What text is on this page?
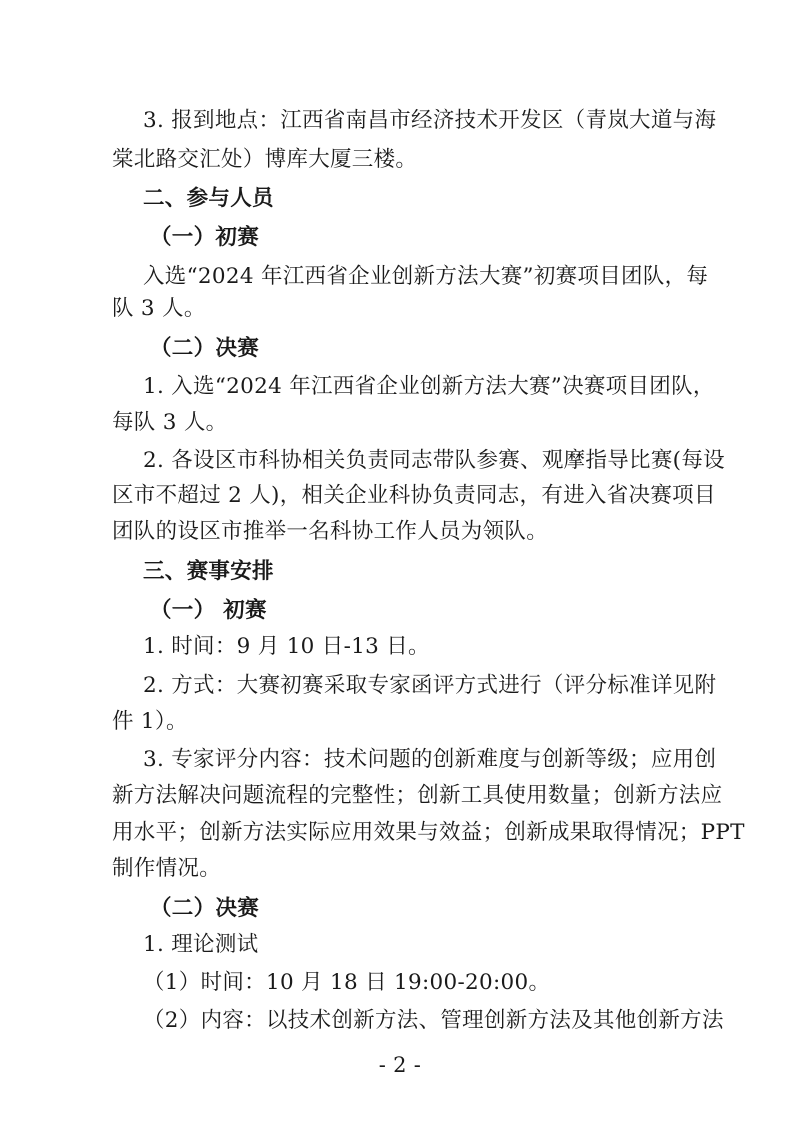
3. 报到地点：江西省南昌市经济技术开发区（青岚大道与海
棠北路交汇处）博库大厦三楼。
二、参与人员
（一）初赛
入选“2024 年江西省企业创新方法大赛”初赛项目团队，每
队 3 人。
（二）决赛
1. 入选“2024 年江西省企业创新方法大赛”决赛项目团队，
每队 3 人。
2. 各设区市科协相关负责同志带队参赛、观摩指导比赛(每设
区市不超过 2 人)，相关企业科协负责同志，有进入省决赛项目
团队的设区市推举一名科协工作人员为领队。
三、赛事安排
（一） 初赛
1. 时间：9 月 10 日-13 日。
2. 方式：大赛初赛采取专家函评方式进行（评分标准详见附
件 1）。
3. 专家评分内容：技术问题的创新难度与创新等级；应用创
新方法解决问题流程的完整性；创新工具使用数量；创新方法应
用水平；创新方法实际应用效果与效益；创新成果取得情况；PPT
制作情况。
（二）决赛
1. 理论测试
（1）时间：10 月 18 日 19:00-20:00。
（2）内容：以技术创新方法、管理创新方法及其他创新方法
- 2 -
